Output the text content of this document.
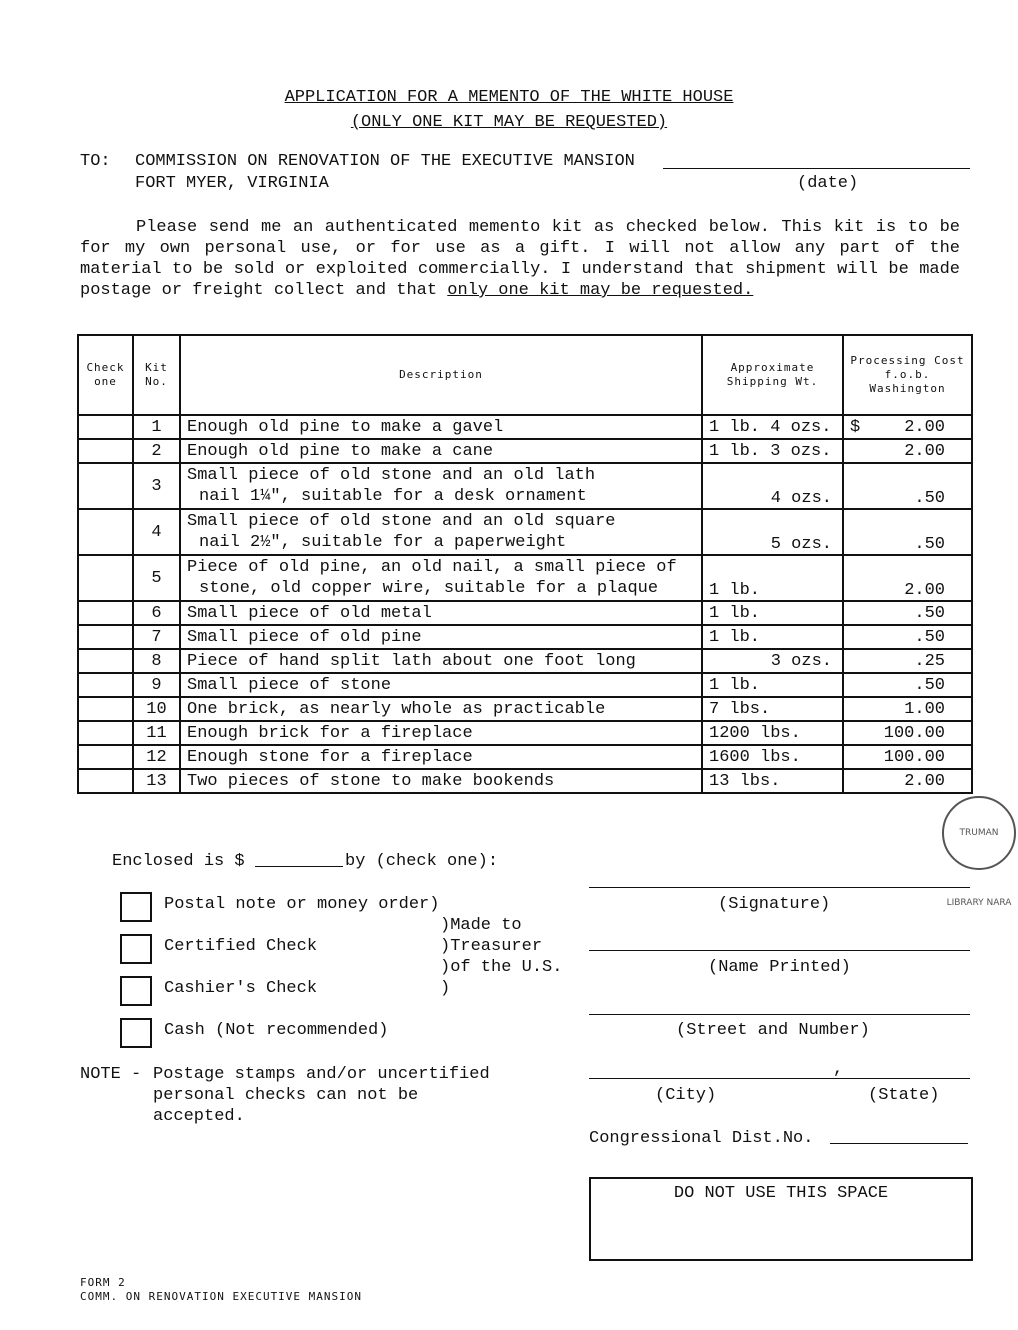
APPLICATION FOR A MEMENTO OF THE WHITE HOUSE
(ONLY ONE KIT MAY BE REQUESTED)
TO: COMMISSION ON RENOVATION OF THE EXECUTIVE MANSION
FORT MYER, VIRGINIA	(date)
Please send me an authenticated memento kit as checked below. This kit is to be for my own personal use, or for use as a gift. I will not allow any part of the material to be sold or exploited commercially. I understand that shipment will be made postage or freight collect and that only one kit may be requested.
Check one	Kit No.	Description	Approximate Shipping Wt.	Processing Cost f.o.b. Washington
	1	Enough old pine to make a gavel	1 lb. 4 ozs.	$ 2.00
	2	Enough old pine to make a cane	1 lb. 3 ozs.	2.00
	3	Small piece of old stone and an old lath
nail 1¼", suitable for a desk ornament	4 ozs.	.50
	4	Small piece of old stone and an old square
nail 2½", suitable for a paperweight	5 ozs.	.50
	5	Piece of old pine, an old nail, a small piece of
stone, old copper wire, suitable for a plaque	1 lb.	2.00
	6	Small piece of old metal	1 lb.	.50
	7	Small piece of old pine	1 lb.	.50
	8	Piece of hand split lath about one foot long	3 ozs.	.25
	9	Small piece of stone	1 lb.	.50
	10	One brick, as nearly whole as practicable	7 lbs.	1.00
	11	Enough brick for a fireplace	1200 lbs.	100.00
	12	Enough stone for a fireplace	1600 lbs.	100.00
	13	Two pieces of stone to make bookends	13 lbs.	2.00
TRUMAN LIBRARY NARA
Enclosed is $	by (check one):
Postal note or money order)
Certified Check
Cashier's Check
Cash (Not recommended)
)Made to
)Treasurer
)of the U.S.
)
NOTE - Postage stamps and/or uncertified
personal checks can not be
accepted.
(Signature)
(Name Printed)
(Street and Number)
,
(City)	(State)
Congressional Dist.No.
DO NOT USE THIS SPACE
FORM 2
COMM. ON RENOVATION EXECUTIVE MANSION
